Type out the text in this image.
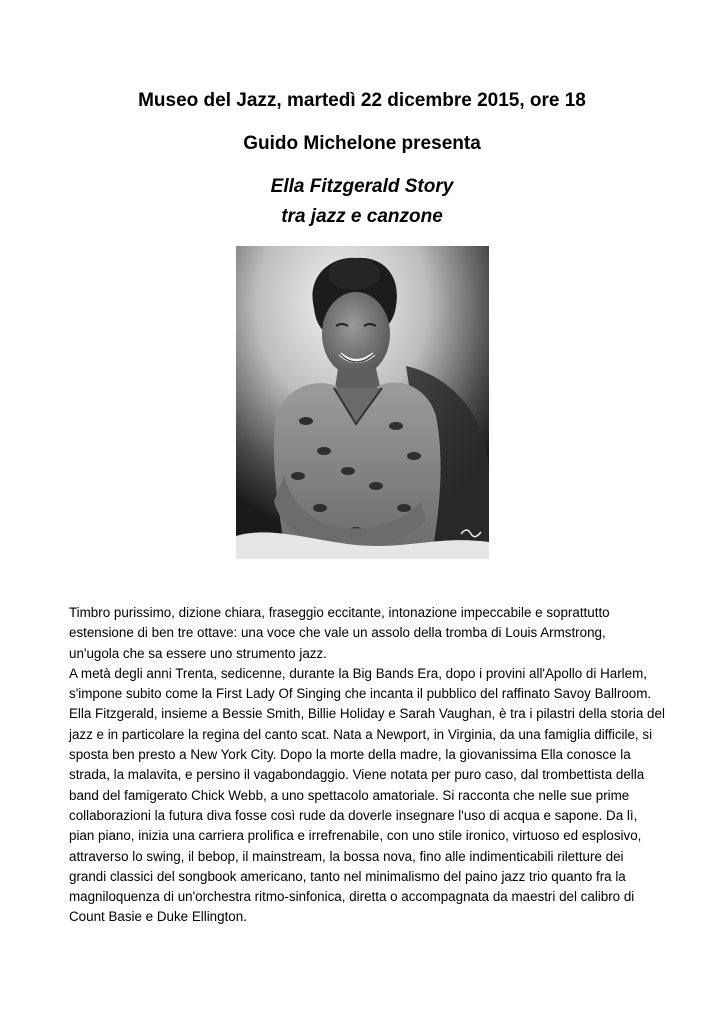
Museo del Jazz, martedì 22 dicembre 2015, ore 18
Guido Michelone presenta
Ella Fitzgerald Story
tra jazz e canzone
Timbro purissimo, dizione chiara, fraseggio eccitante, intonazione impeccabile e soprattutto
estensione di ben tre ottave: una voce che vale un assolo della tromba di Louis Armstrong,
un'ugola che sa essere uno strumento jazz.
A metà degli anni Trenta, sedicenne, durante la Big Bands Era, dopo i provini all'Apollo di Harlem,
s'impone subito come la First Lady Of Singing che incanta il pubblico del raffinato Savoy Ballroom.
Ella Fitzgerald, insieme a Bessie Smith, Billie Holiday e Sarah Vaughan, è tra i pilastri della storia del
jazz e in particolare la regina del canto scat. Nata a Newport, in Virginia, da una famiglia difficile, si
sposta ben presto a New York City. Dopo la morte della madre, la giovanissima Ella conosce la
strada, la malavita, e persino il vagabondaggio. Viene notata per puro caso, dal trombettista della
band del famigerato Chick Webb, a uno spettacolo amatoriale. Si racconta che nelle sue prime
collaborazioni la futura diva fosse così rude da doverle insegnare l'uso di acqua e sapone. Da lì,
pian piano, inizia una carriera prolifica e irrefrenabile, con uno stile ironico, virtuoso ed esplosivo,
attraverso lo swing, il bebop, il mainstream, la bossa nova, fino alle indimenticabili riletture dei
grandi classici del songbook americano, tanto nel minimalismo del paino jazz trio quanto fra la
magniloquenza di un'orchestra ritmo-sinfonica, diretta o accompagnata da maestri del calibro di
Count Basie e Duke Ellington.
